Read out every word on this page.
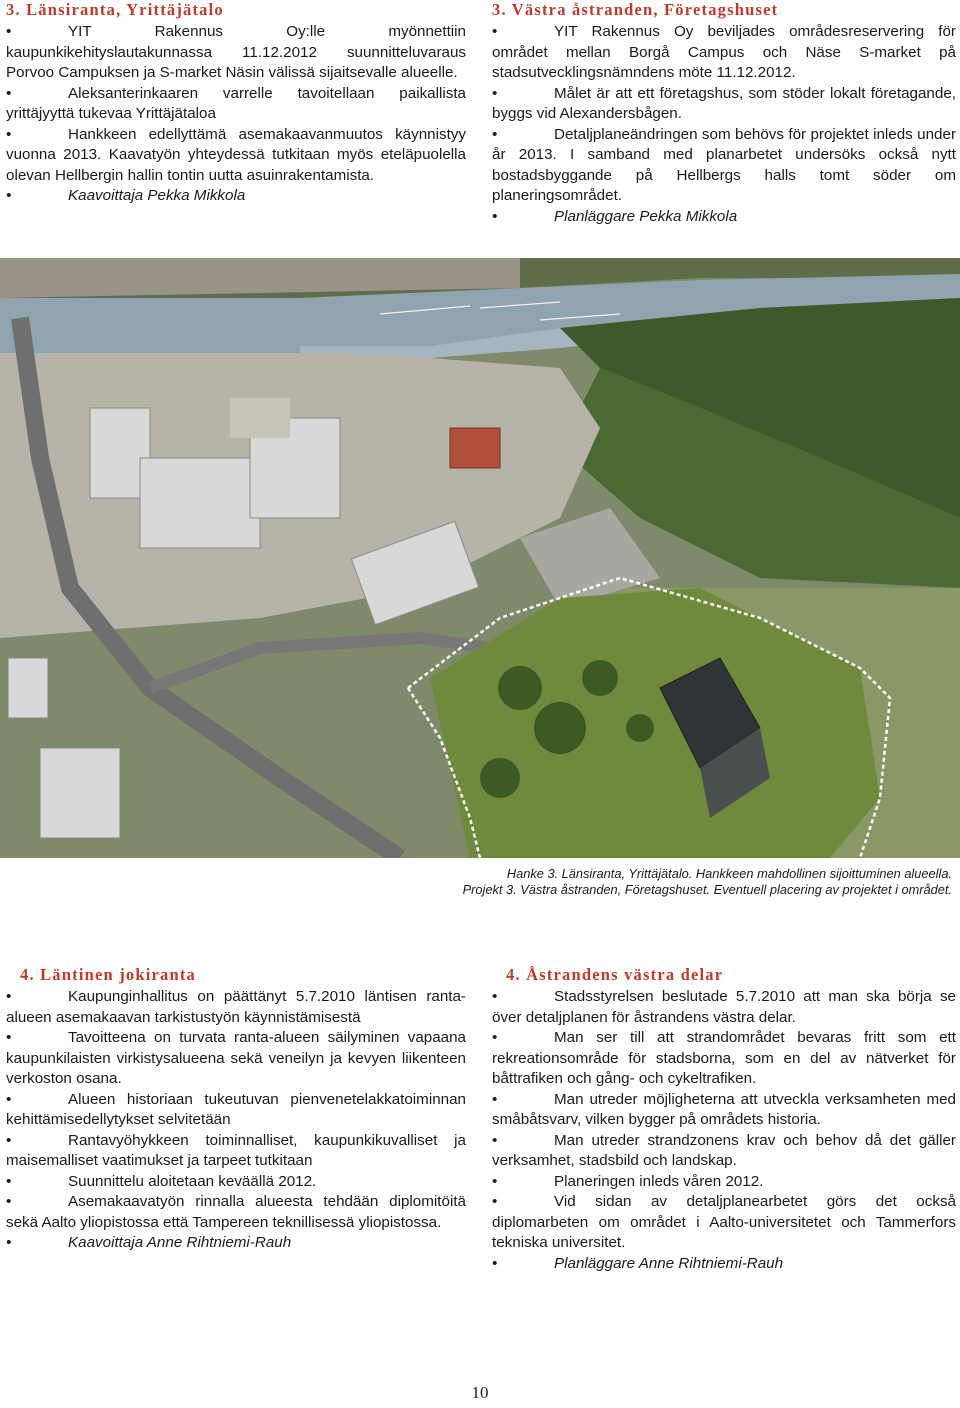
3. Länsiranta, Yrittäjätalo
• YIT Rakennus Oy:lle myönnettiin kaupunkikehityslautakunnassa 11.12.2012 suunnitteluvaraus Porvoo Campuksen ja S-market Näsin välissä sijaitsevalle alueelle.
• Aleksanterinkaaren varrelle tavoitellaan paikallista yrittäjyyttä tukevaa Yrittäjätaloa
• Hankkeen edellyttämä asemakaavanmuutos käynnistyy vuonna 2013. Kaavatyön yhteydessä tutkitaan myös eteläpuolella olevan Hellbergin hallin tontin uutta asuinrakentamista.
• Kaavoittaja Pekka Mikkola
3. Västra åstranden, Företagshuset
• YIT Rakennus Oy beviljades områdesreservering för området mellan Borgå Campus och Näse S-market på stadsutvecklingsnämndens möte 11.12.2012.
• Målet är att ett företagshus, som stöder lokalt företagande, byggs vid Alexandersbågen.
• Detaljplaneändringen som behövs för projektet inleds under år 2013. I samband med planarbetet undersöks också nytt bostadsbyggande på Hellbergs halls tomt söder om planeringsområdet.
• Planläggare Pekka Mikkola
Hanke 3. Länsiranta, Yrittäjätalo. Hankkeen mahdollinen sijoittuminen alueella.
Projekt 3. Västra åstranden, Företagshuset. Eventuell placering av projektet i området.
4. Läntinen jokiranta
• Kaupunginhallitus on päättänyt 5.7.2010 läntisen ranta-alueen asemakaavan tarkistustyön käynnistämisestä
• Tavoitteena on turvata ranta-alueen säilyminen vapaana kaupunkilaisten virkistysalueena sekä veneilyn ja kevyen liikenteen verkoston osana.
• Alueen historiaan tukeutuvan pienvenetelakkatoiminnan kehittämisedellytykset selvitetään
• Rantavyöhykkeen toiminnalliset, kaupunkikuvalliset ja maisemalliset vaatimukset ja tarpeet tutkitaan
• Suunnittelu aloitetaan keväällä 2012.
• Asemakaavatyön rinnalla alueesta tehdään diplomitöitä sekä Aalto yliopistossa että Tampereen teknillisessä yliopistossa.
• Kaavoittaja Anne Rihtniemi-Rauh
4. Åstrandens västra delar
• Stadsstyrelsen beslutade 5.7.2010 att man ska börja se över detaljplanen för åstrandens västra delar.
• Man ser till att strandområdet bevaras fritt som ett rekreationsområde för stadsborna, som en del av nätverket för båttrafiken och gång- och cykeltrafiken.
• Man utreder möjligheterna att utveckla verksamheten med småbåtsvarv, vilken bygger på områdets historia.
• Man utreder strandzonens krav och behov då det gäller verksamhet, stadsbild och landskap.
• Planeringen inleds våren 2012.
• Vid sidan av detaljplanearbetet görs det också diplomarbeten om området i Aalto-universitetet och Tammerfors tekniska universitet.
• Planläggare Anne Rihtniemi-Rauh
10
